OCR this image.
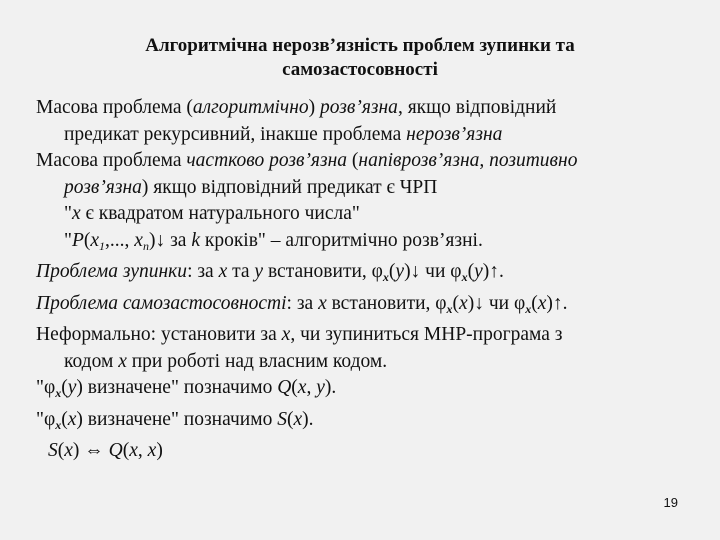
Алгоритмічна нерозв’язність проблем зупинки та
самозастосовності
Масова проблема (алгоритмічно) розв’язна, якщо відповідний
предикат рекурсивний, інакше проблема нерозв’язна
Масова проблема частково розв’язна (напіврозв’язна, позитивно
розв’язна) якщо відповідний предикат є ЧРП
"x є квадратом натурального числа"
"$P(x_1$,..., $x_n)↓$ за k кроків" – алгоритмічно розв’язні.
Проблема зупинки: за x та y встановити, $\varphi_x(y)↓$ чи $\varphi_x(y)↑$.
Проблема самозастосовності: за x встановити, $\varphi_x(x)↓$ чи $\varphi_x(x)↑$.
Неформально: установити за x, чи зупиниться МНР-програма з
кодом x при роботі над власним кодом.
"$\varphi_x(y)$ визначене" позначимо Q(x, y).
"$\varphi_x(x)$ визначене" позначимо S(x).
S(x) ⇔ Q(x, x)
19
